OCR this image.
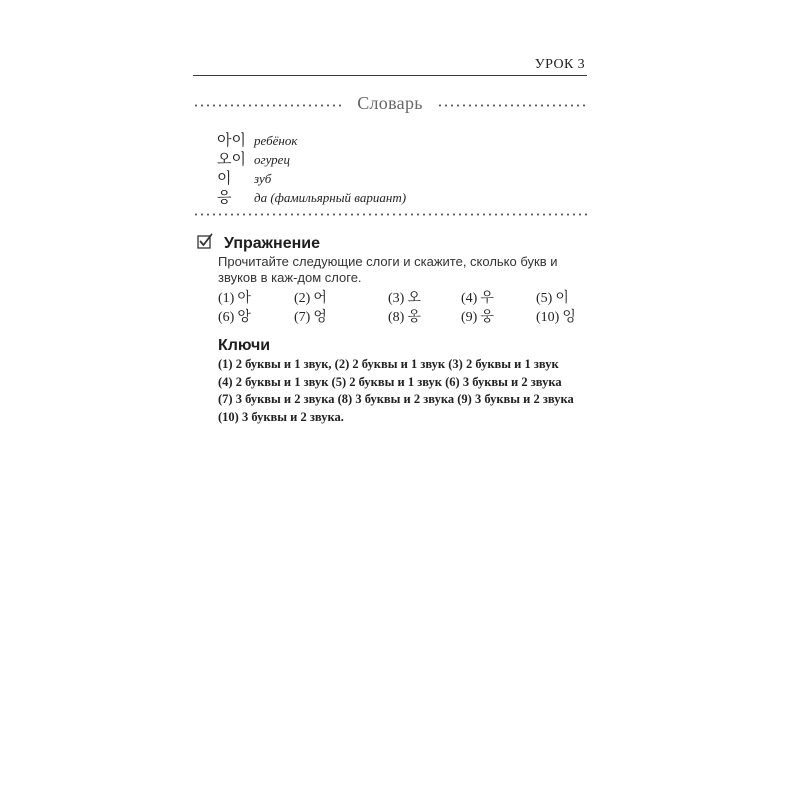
УРОК 3
Словарь
아이 ребёнок
오이 огурец
이	зуб
응	да (фамильярный вариант)
Упражнение
Прочитайте следующие слоги и скажите, сколько букв и звуков в каж-дом слоге.
(1) 아	(2) 어	(3) 오	(4) 우	(5) 이
(6) 앙	(7) 엉	(8) 옹	(9) 웅	(10) 잉
Ключи
(1) 2 буквы и 1 звук, (2) 2 буквы и 1 звук (3) 2 буквы и 1 звук
(4) 2 буквы и 1 звук (5) 2 буквы и 1 звук (6) 3 буквы и 2 звука
(7) 3 буквы и 2 звука (8) 3 буквы и 2 звука (9) 3 буквы и 2 звука
(10) 3 буквы и 2 звука.
